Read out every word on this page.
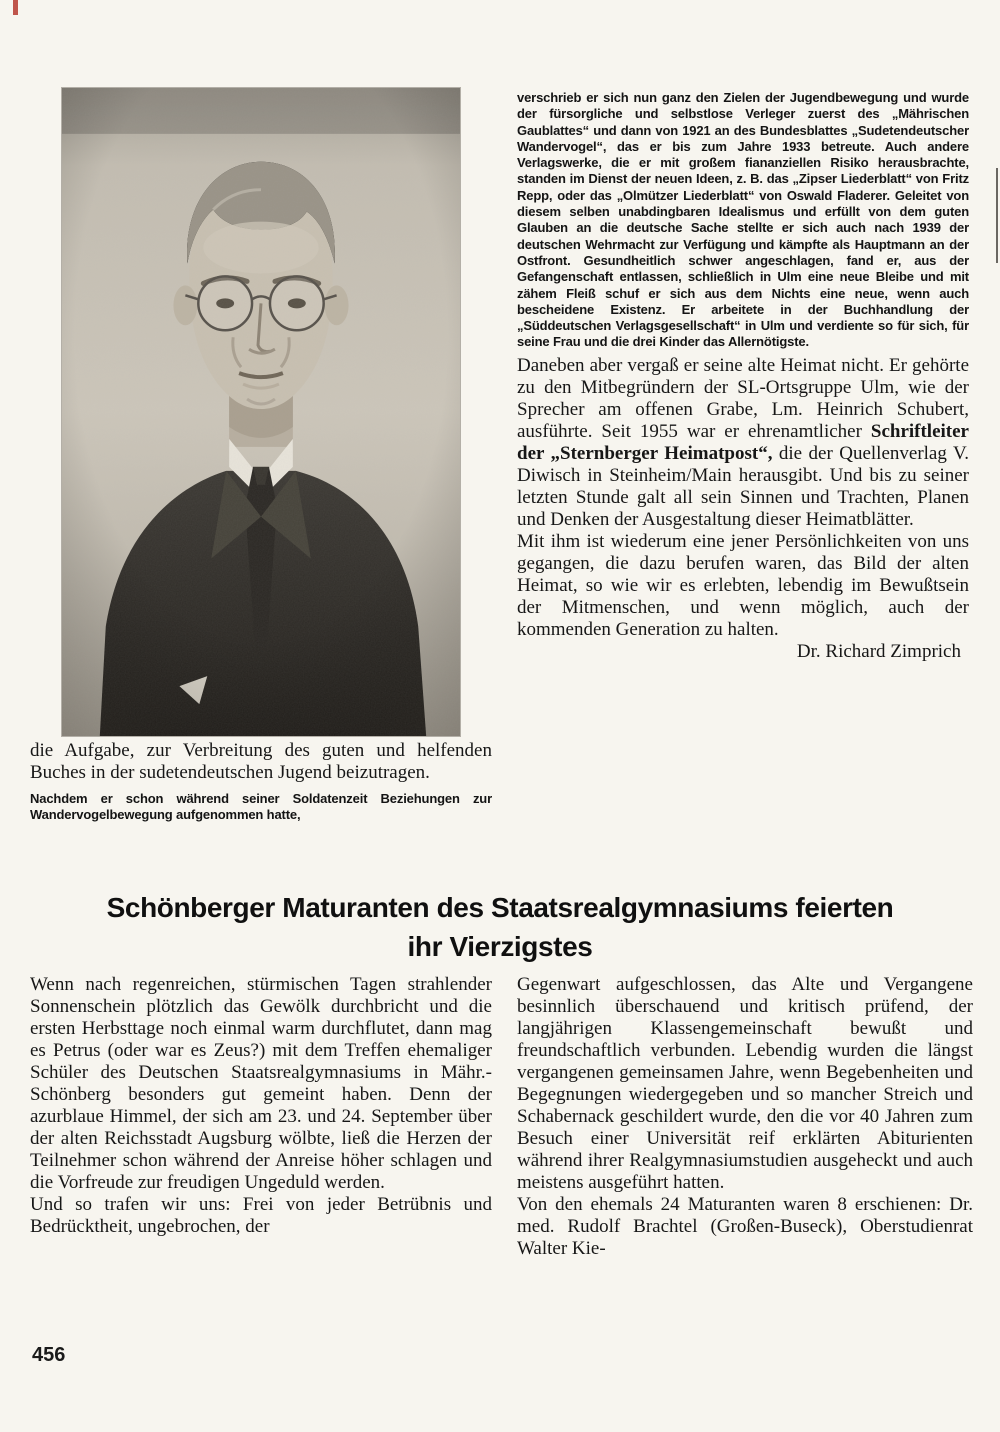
verschrieb er sich nun ganz den Zielen der Jugendbewegung und wurde der fürsorgliche und selbstlose Verleger zuerst des „Mährischen Gaublattes“ und dann von 1921 an des Bundesblattes „Sudetendeutscher Wandervogel“, das er bis zum Jahre 1933 betreute. Auch andere Verlagswerke, die er mit großem fiananziellen Risiko herausbrachte, standen im Dienst der neuen Ideen, z. B. das „Zipser Liederblatt“ von Fritz Repp, oder das „Olmützer Liederblatt“ von Oswald Fladerer. Geleitet von diesem selben unabdingbaren Idealismus und erfüllt von dem guten Glauben an die deutsche Sache stellte er sich auch nach 1939 der deutschen Wehrmacht zur Verfügung und kämpfte als Hauptmann an der Ostfront. Gesundheitlich schwer angeschlagen, fand er, aus der Gefangenschaft entlassen, schließlich in Ulm eine neue Bleibe und mit zähem Fleiß schuf er sich aus dem Nichts eine neue, wenn auch bescheidene Existenz. Er arbeitete in der Buchhandlung der „Süddeutschen Verlagsgesellschaft“ in Ulm und verdiente so für sich, für seine Frau und die drei Kinder das Allernötigste.

Daneben aber vergaß er seine alte Heimat nicht. Er gehörte zu den Mitbegründern der SL-Ortsgruppe Ulm, wie der Sprecher am offenen Grabe, Lm. Heinrich Schubert, ausführte. Seit 1955 war er ehrenamtlicher Schriftleiter der „Sternberger Heimatpost“, die der Quellenverlag V. Diwisch in Steinheim/Main herausgibt. Und bis zu seiner letzten Stunde galt all sein Sinnen und Trachten, Planen und Denken der Ausgestaltung dieser Heimatblätter.

Mit ihm ist wiederum eine jener Persönlichkeiten von uns gegangen, die dazu berufen waren, das Bild der alten Heimat, so wie wir es erlebten, lebendig im Bewußtsein der Mitmenschen, und wenn möglich, auch der kommenden Generation zu halten.

Dr. Richard Zimprich

die Aufgabe, zur Verbreitung des guten und helfenden Buches in der sudetendeutschen Jugend beizutragen.

Nachdem er schon während seiner Soldatenzeit Beziehungen zur Wandervogelbewegung aufgenommen hatte,

Schönberger Maturanten des Staatsrealgymnasiums feierten
ihr Vierzigstes

Wenn nach regenreichen, stürmischen Tagen strahlender Sonnenschein plötzlich das Gewölk durchbricht und die ersten Herbsttage noch einmal warm durchflutet, dann mag es Petrus (oder war es Zeus?) mit dem Treffen ehemaliger Schüler des Deutschen Staatsrealgymnasiums in Mähr.-Schönberg besonders gut gemeint haben. Denn der azurblaue Himmel, der sich am 23. und 24. September über der alten Reichsstadt Augsburg wölbte, ließ die Herzen der Teilnehmer schon während der Anreise höher schlagen und die Vorfreude zur freudigen Ungeduld werden.

Und so trafen wir uns: Frei von jeder Betrübnis und Bedrücktheit, ungebrochen, der

Gegenwart aufgeschlossen, das Alte und Vergangene besinnlich überschauend und kritisch prüfend, der langjährigen Klassengemeinschaft bewußt und freundschaftlich verbunden. Lebendig wurden die längst vergangenen gemeinsamen Jahre, wenn Begebenheiten und Begegnungen wiedergegeben und so mancher Streich und Schabernack geschildert wurde, den die vor 40 Jahren zum Besuch einer Universität reif erklärten Abiturienten während ihrer Realgymnasiumstudien ausgeheckt und auch meistens ausgeführt hatten.

Von den ehemals 24 Maturanten waren 8 erschienen: Dr. med. Rudolf Brachtel (Großen-Buseck), Oberstudienrat Walter Kie-

456
